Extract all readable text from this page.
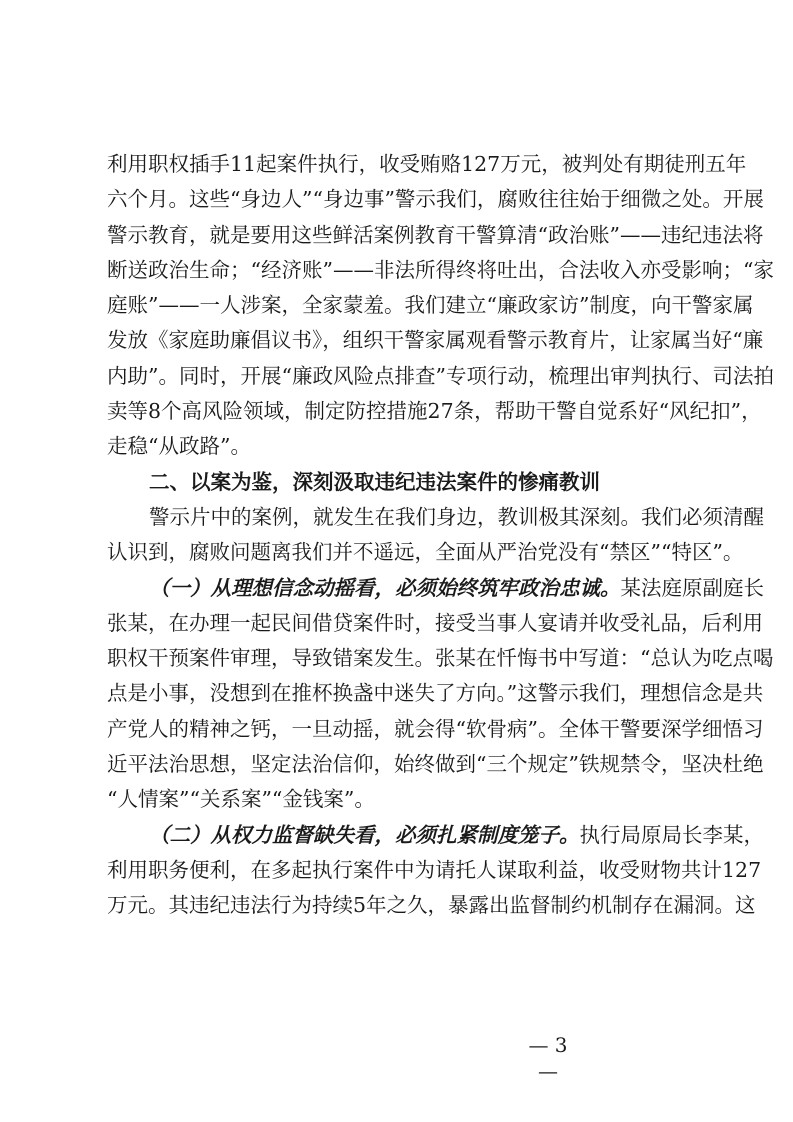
利用职权插手11起案件执行，收受贿赂127万元，被判处有期徒刑五年
六个月。这些“身边人”“身边事”警示我们，腐败往往始于细微之处。开展
警示教育，就是要用这些鲜活案例教育干警算清“政治账”——违纪违法将
断送政治生命；“经济账”——非法所得终将吐出，合法收入亦受影响；“家
庭账”——一人涉案，全家蒙羞。我们建立“廉政家访”制度，向干警家属
发放《家庭助廉倡议书》，组织干警家属观看警示教育片，让家属当好“廉
内助”。同时，开展“廉政风险点排查”专项行动，梳理出审判执行、司法拍
卖等8个高风险领域，制定防控措施27条，帮助干警自觉系好“风纪扣”，
走稳“从政路”。
二、以案为鉴，深刻汲取违纪违法案件的惨痛教训
警示片中的案例，就发生在我们身边，教训极其深刻。我们必须清醒
认识到，腐败问题离我们并不遥远，全面从严治党没有“禁区”“特区”。
（一）从理想信念动摇看，必须始终筑牢政治忠诚。某法庭原副庭长
张某，在办理一起民间借贷案件时，接受当事人宴请并收受礼品，后利用
职权干预案件审理，导致错案发生。张某在忏悔书中写道：“总认为吃点喝
点是小事，没想到在推杯换盏中迷失了方向。”这警示我们，理想信念是共
产党人的精神之钙，一旦动摇，就会得“软骨病”。全体干警要深学细悟习
近平法治思想，坚定法治信仰，始终做到“三个规定”铁规禁令，坚决杜绝
“人情案”“关系案”“金钱案”。
（二）从权力监督缺失看，必须扎紧制度笼子。执行局原局长李某，
利用职务便利，在多起执行案件中为请托人谋取利益，收受财物共计127
万元。其违纪违法行为持续5年之久，暴露出监督制约机制存在漏洞。这
— 3 —
